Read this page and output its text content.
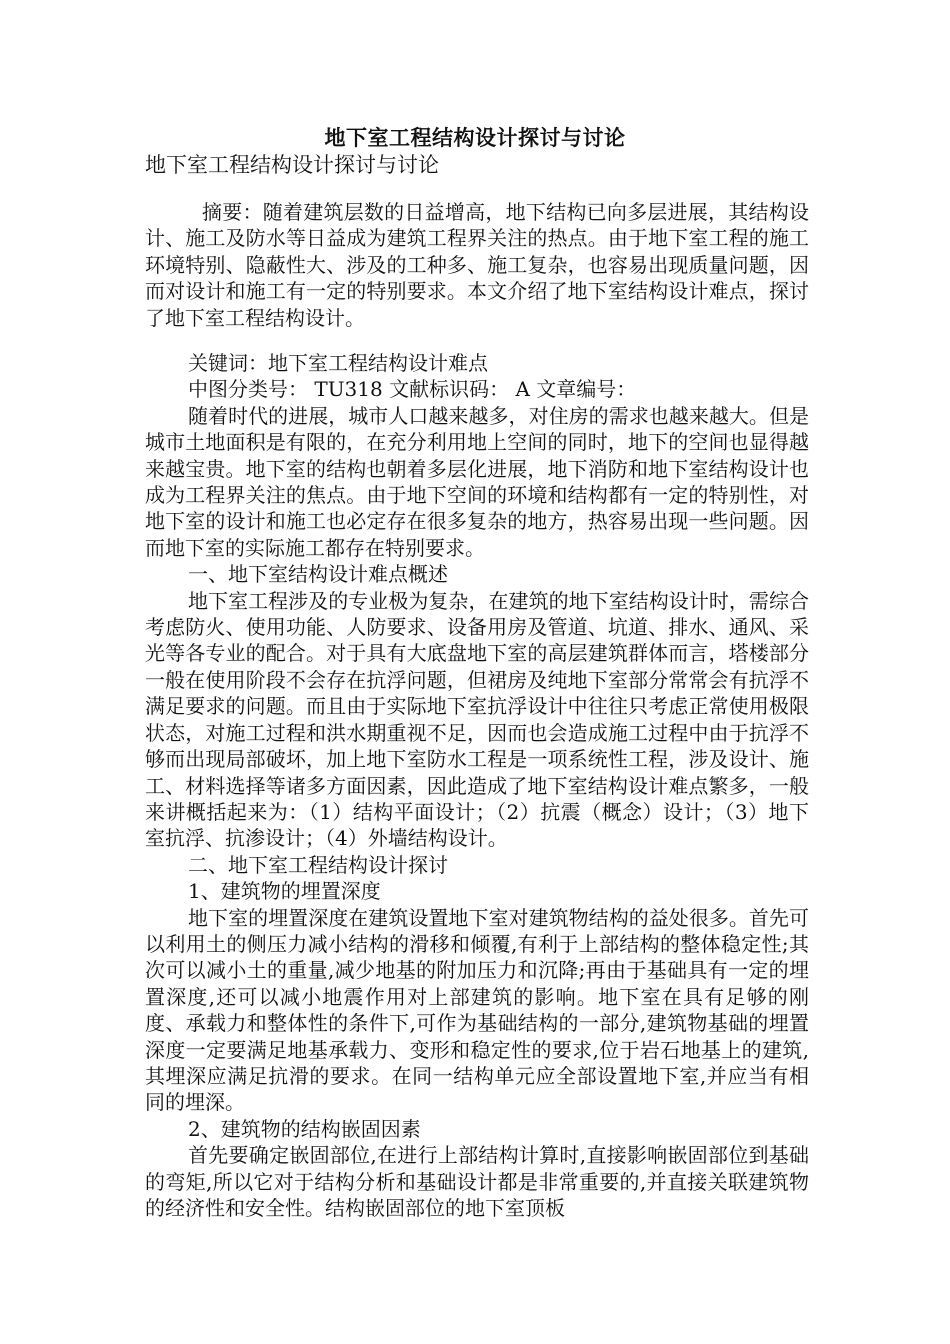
地下室工程结构设计探讨与讨论
地下室工程结构设计探讨与讨论
摘要：随着建筑层数的日益增高，地下结构已向多层进展，其结构设计、施工及防水等日益成为建筑工程界关注的热点。由于地下室工程的施工环境特别、隐蔽性大、涉及的工种多、施工复杂，也容易出现质量问题，因而对设计和施工有一定的特别要求。本文介绍了地下室结构设计难点，探讨了地下室工程结构设计。

关键词：地下室工程结构设计难点

中图分类号： TU318 文献标识码： A 文章编号：

随着时代的进展，城市人口越来越多，对住房的需求也越来越大。但是城市土地面积是有限的，在充分利用地上空间的同时，地下的空间也显得越来越宝贵。地下室的结构也朝着多层化进展，地下消防和地下室结构设计也成为工程界关注的焦点。由于地下空间的环境和结构都有一定的特别性，对地下室的设计和施工也必定存在很多复杂的地方，热容易出现一些问题。因而地下室的实际施工都存在特别要求。

一、地下室结构设计难点概述

地下室工程涉及的专业极为复杂，在建筑的地下室结构设计时，需综合考虑防火、使用功能、人防要求、设备用房及管道、坑道、排水、通风、采光等各专业的配合。对于具有大底盘地下室的高层建筑群体而言，塔楼部分一般在使用阶段不会存在抗浮问题，但裙房及纯地下室部分常常会有抗浮不满足要求的问题。而且由于实际地下室抗浮设计中往往只考虑正常使用极限状态，对施工过程和洪水期重视不足，因而也会造成施工过程中由于抗浮不够而出现局部破坏，加上地下室防水工程是一项系统性工程，涉及设计、施工、材料选择等诸多方面因素，因此造成了地下室结构设计难点繁多，一般来讲概括起来为：（1）结构平面设计；（2）抗震（概念）设计；（3）地下室抗浮、抗渗设计；（4）外墙结构设计。

二、地下室工程结构设计探讨

1、建筑物的埋置深度

地下室的埋置深度在建筑设置地下室对建筑物结构的益处很多。首先可以利用土的侧压力减小结构的滑移和倾覆,有利于上部结构的整体稳定性;其次可以减小土的重量,减少地基的附加压力和沉降;再由于基础具有一定的埋置深度,还可以减小地震作用对上部建筑的影响。地下室在具有足够的刚度、承载力和整体性的条件下,可作为基础结构的一部分,建筑物基础的埋置深度一定要满足地基承载力、变形和稳定性的要求,位于岩石地基上的建筑,其埋深应满足抗滑的要求。在同一结构单元应全部设置地下室,并应当有相同的埋深。

2、建筑物的结构嵌固因素

首先要确定嵌固部位,在进行上部结构计算时,直接影响嵌固部位到基础的弯矩,所以它对于结构分析和基础设计都是非常重要的,并直接关联建筑物的经济性和安全性。结构嵌固部位的地下室顶板
